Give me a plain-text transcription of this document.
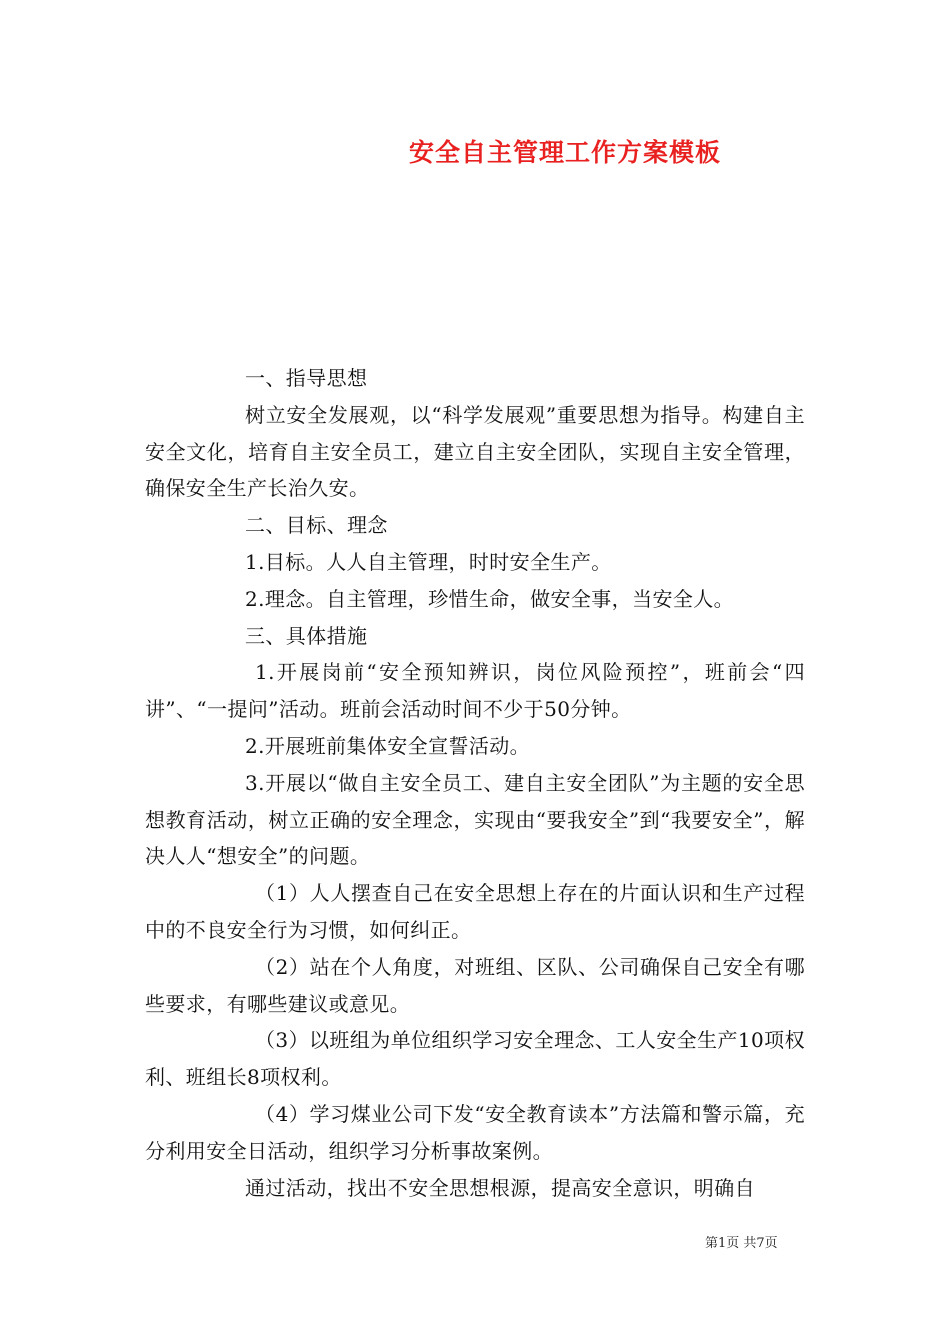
安全自主管理工作方案模板

一、指导思想

树立安全发展观，以“科学发展观”重要思想为指导。构建自主安全文化，培育自主安全员工，建立自主安全团队，实现自主安全管理，确保安全生产长治久安。

二、目标、理念

1.目标。人人自主管理，时时安全生产。

2.理念。自主管理，珍惜生命，做安全事，当安全人。

三、具体措施

1.开展岗前“安全预知辨识，岗位风险预控”，班前会“四讲”、“一提问”活动。班前会活动时间不少于50分钟。

2.开展班前集体安全宣誓活动。

3.开展以“做自主安全员工、建自主安全团队”为主题的安全思想教育活动，树立正确的安全理念，实现由“要我安全”到“我要安全”，解决人人“想安全”的问题。

（1）人人摆查自己在安全思想上存在的片面认识和生产过程中的不良安全行为习惯，如何纠正。

（2）站在个人角度，对班组、区队、公司确保自己安全有哪些要求，有哪些建议或意见。

（3）以班组为单位组织学习安全理念、工人安全生产10项权利、班组长8项权利。

（4）学习煤业公司下发“安全教育读本”方法篇和警示篇，充分利用安全日活动，组织学习分析事故案例。

通过活动，找出不安全思想根源，提高安全意识，明确自

第1页 共7页
